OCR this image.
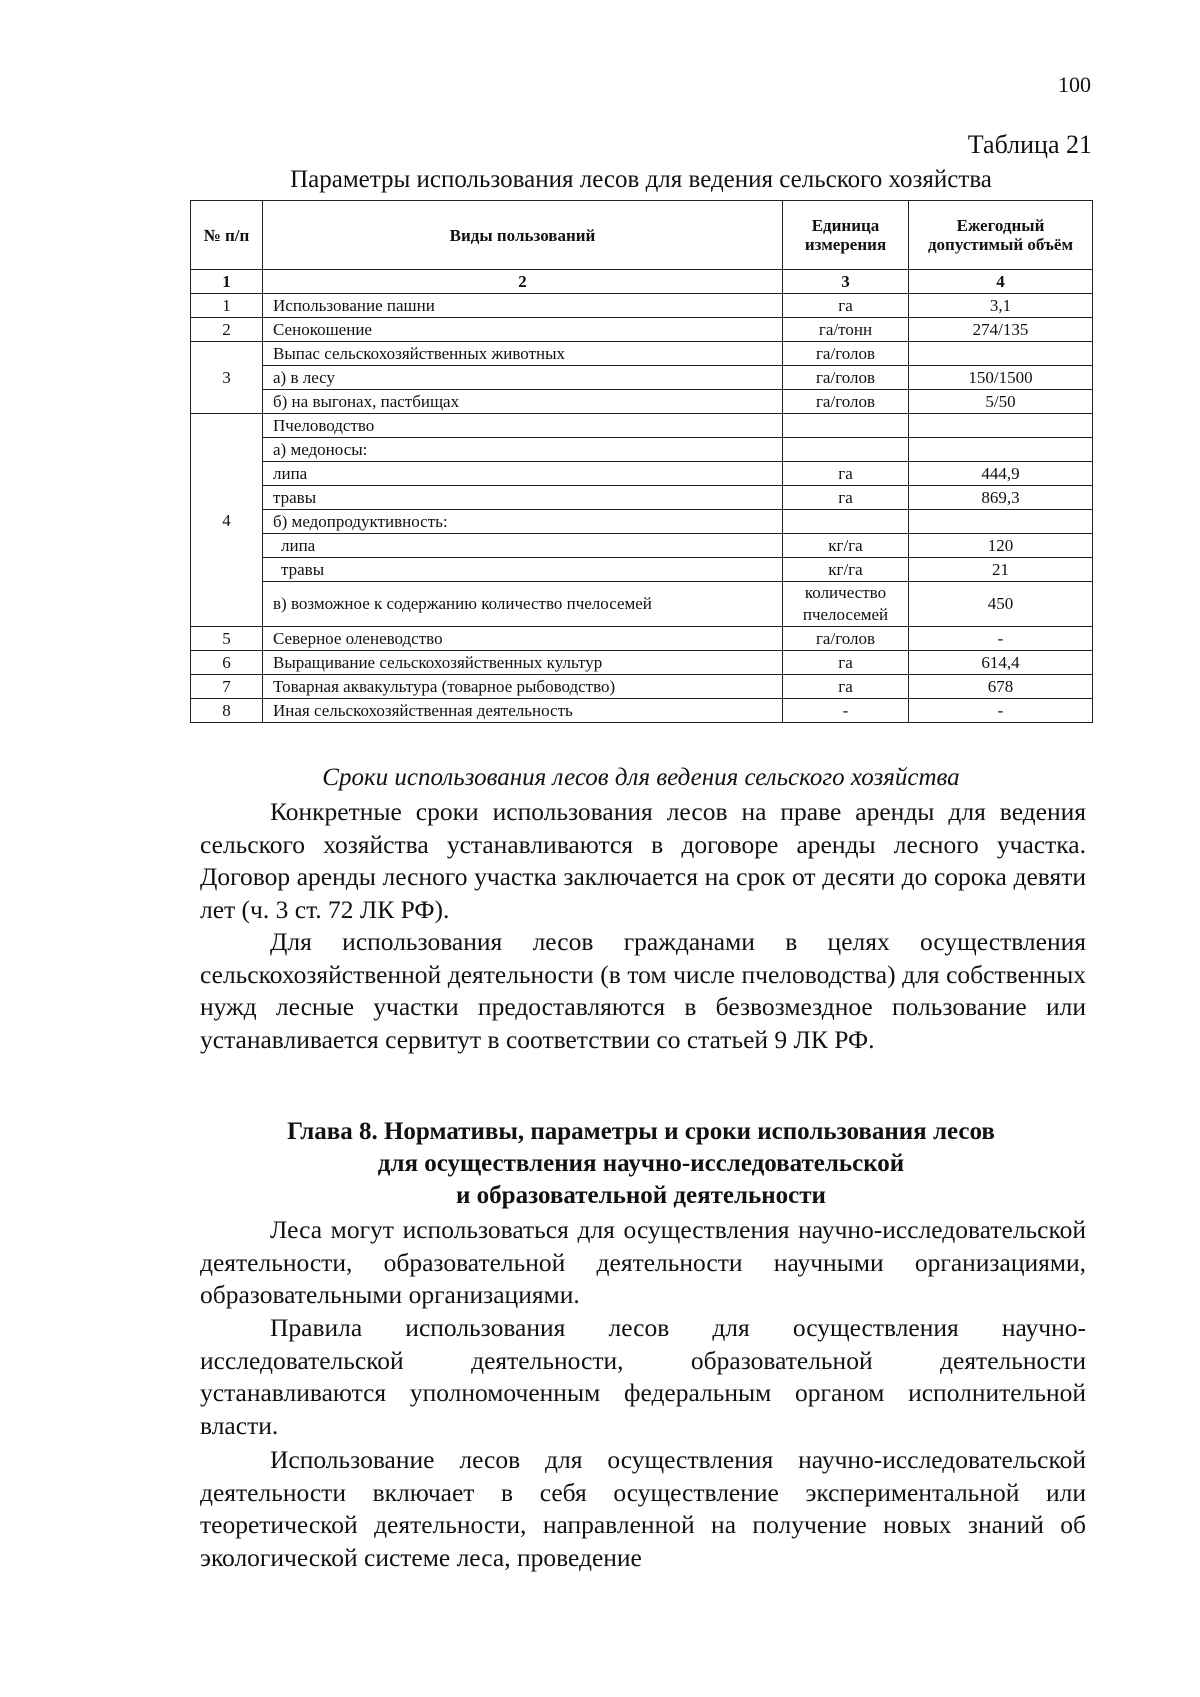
100
Таблица 21
Параметры использования лесов для ведения сельского хозяйства
№ п/п	Виды пользований	Единица измерения	Ежегодный допустимый объём
1	2	3	4
1	Использование пашни	га	3,1
2	Сенокошение	га/тонн	274/135
3	Выпас сельскохозяйственных животных	га/голов	
	а) в лесу	га/голов	150/1500
	б) на выгонах, пастбищах	га/голов	5/50
4	Пчеловодство		
	а) медоносы:		
	липа	га	444,9
	травы	га	869,3
	б) медопродуктивность:		
	липа	кг/га	120
	травы	кг/га	21
	в) возможное к содержанию количество пчелосемей	количество пчелосемей	450
5	Северное оленеводство	га/голов	-
6	Выращивание сельскохозяйственных культур	га	614,4
7	Товарная аквакультура (товарное рыбоводство)	га	678
8	Иная сельскохозяйственная деятельность	-	-
Сроки использования лесов для ведения сельского хозяйства

Конкретные сроки использования лесов на праве аренды для ведения сельского хозяйства устанавливаются в договоре аренды лесного участка. Договор аренды лесного участка заключается на срок от десяти до сорока девяти лет (ч. 3 ст. 72 ЛК РФ).

Для использования лесов гражданами в целях осуществления сельскохозяйственной деятельности (в том числе пчеловодства) для собственных нужд лесные участки предоставляются в безвозмездное пользование или устанавливается сервитут в соответствии со статьей 9 ЛК РФ.

Глава 8. Нормативы, параметры и сроки использования лесов
для осуществления научно-исследовательской
и образовательной деятельности

Леса могут использоваться для осуществления научно-исследовательской деятельности, образовательной деятельности научными организациями, образовательными организациями.

Правила использования лесов для осуществления научно-исследовательской деятельности, образовательной деятельности устанавливаются уполномоченным федеральным органом исполнительной власти.

Использование лесов для осуществления научно-исследовательской деятельности включает в себя осуществление экспериментальной или теоретической деятельности, направленной на получение новых знаний об экологической системе леса, проведение
